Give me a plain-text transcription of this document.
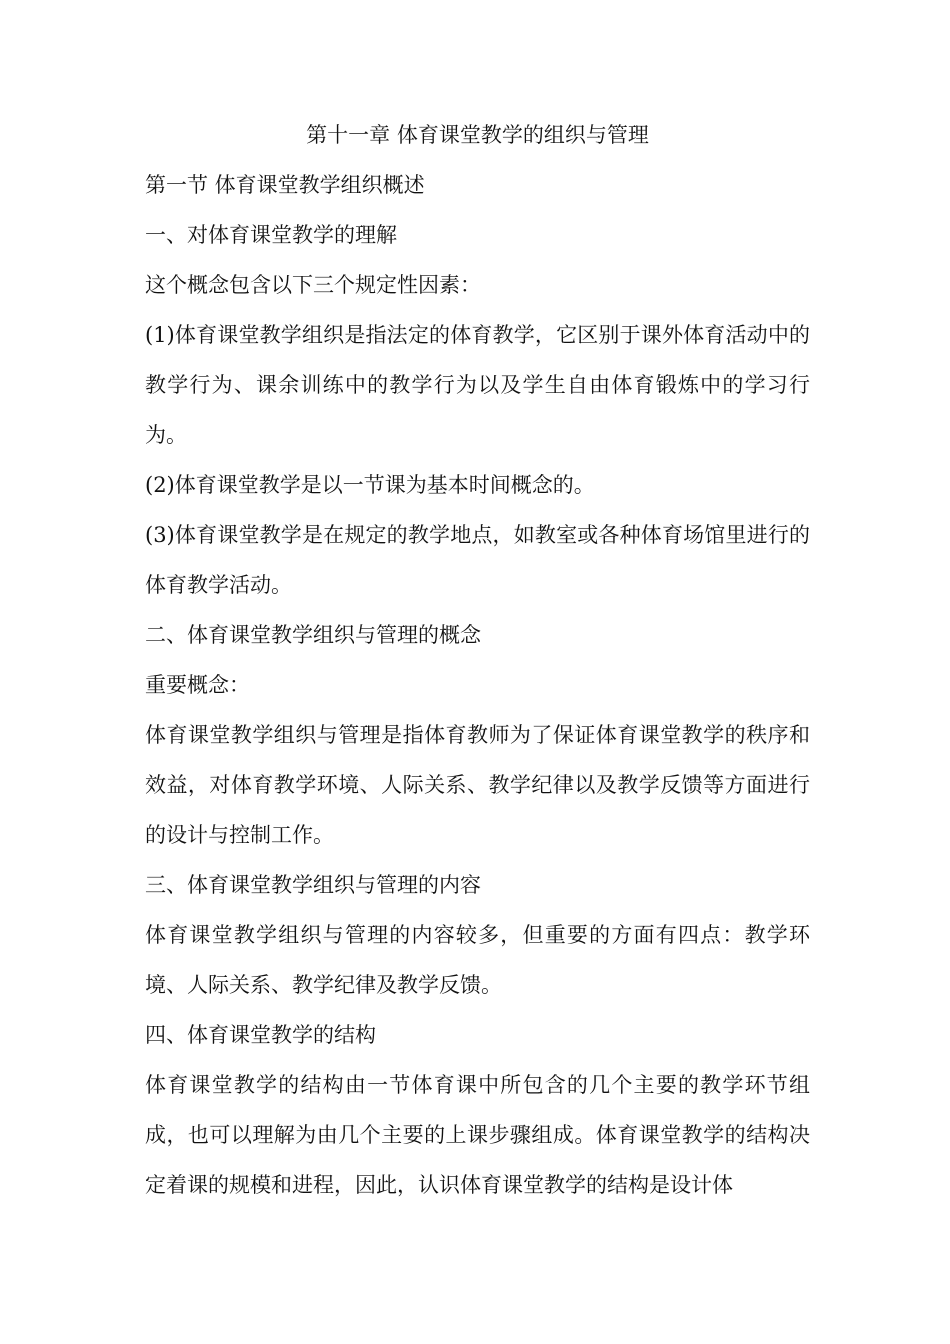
第十一章 体育课堂教学的组织与管理

第一节 体育课堂教学组织概述

一、对体育课堂教学的理解

这个概念包含以下三个规定性因素：

(1)体育课堂教学组织是指法定的体育教学，它区别于课外体育活动中的教学行为、课余训练中的教学行为以及学生自由体育锻炼中的学习行为。

(2)体育课堂教学是以一节课为基本时间概念的。

(3)体育课堂教学是在规定的教学地点，如教室或各种体育场馆里进行的体育教学活动。

二、体育课堂教学组织与管理的概念

重要概念：

体育课堂教学组织与管理是指体育教师为了保证体育课堂教学的秩序和效益，对体育教学环境、人际关系、教学纪律以及教学反馈等方面进行的设计与控制工作。

三、体育课堂教学组织与管理的内容

体育课堂教学组织与管理的内容较多，但重要的方面有四点：教学环境、人际关系、教学纪律及教学反馈。

四、体育课堂教学的结构

体育课堂教学的结构由一节体育课中所包含的几个主要的教学环节组成，也可以理解为由几个主要的上课步骤组成。体育课堂教学的结构决定着课的规模和进程，因此，认识体育课堂教学的结构是设计体
